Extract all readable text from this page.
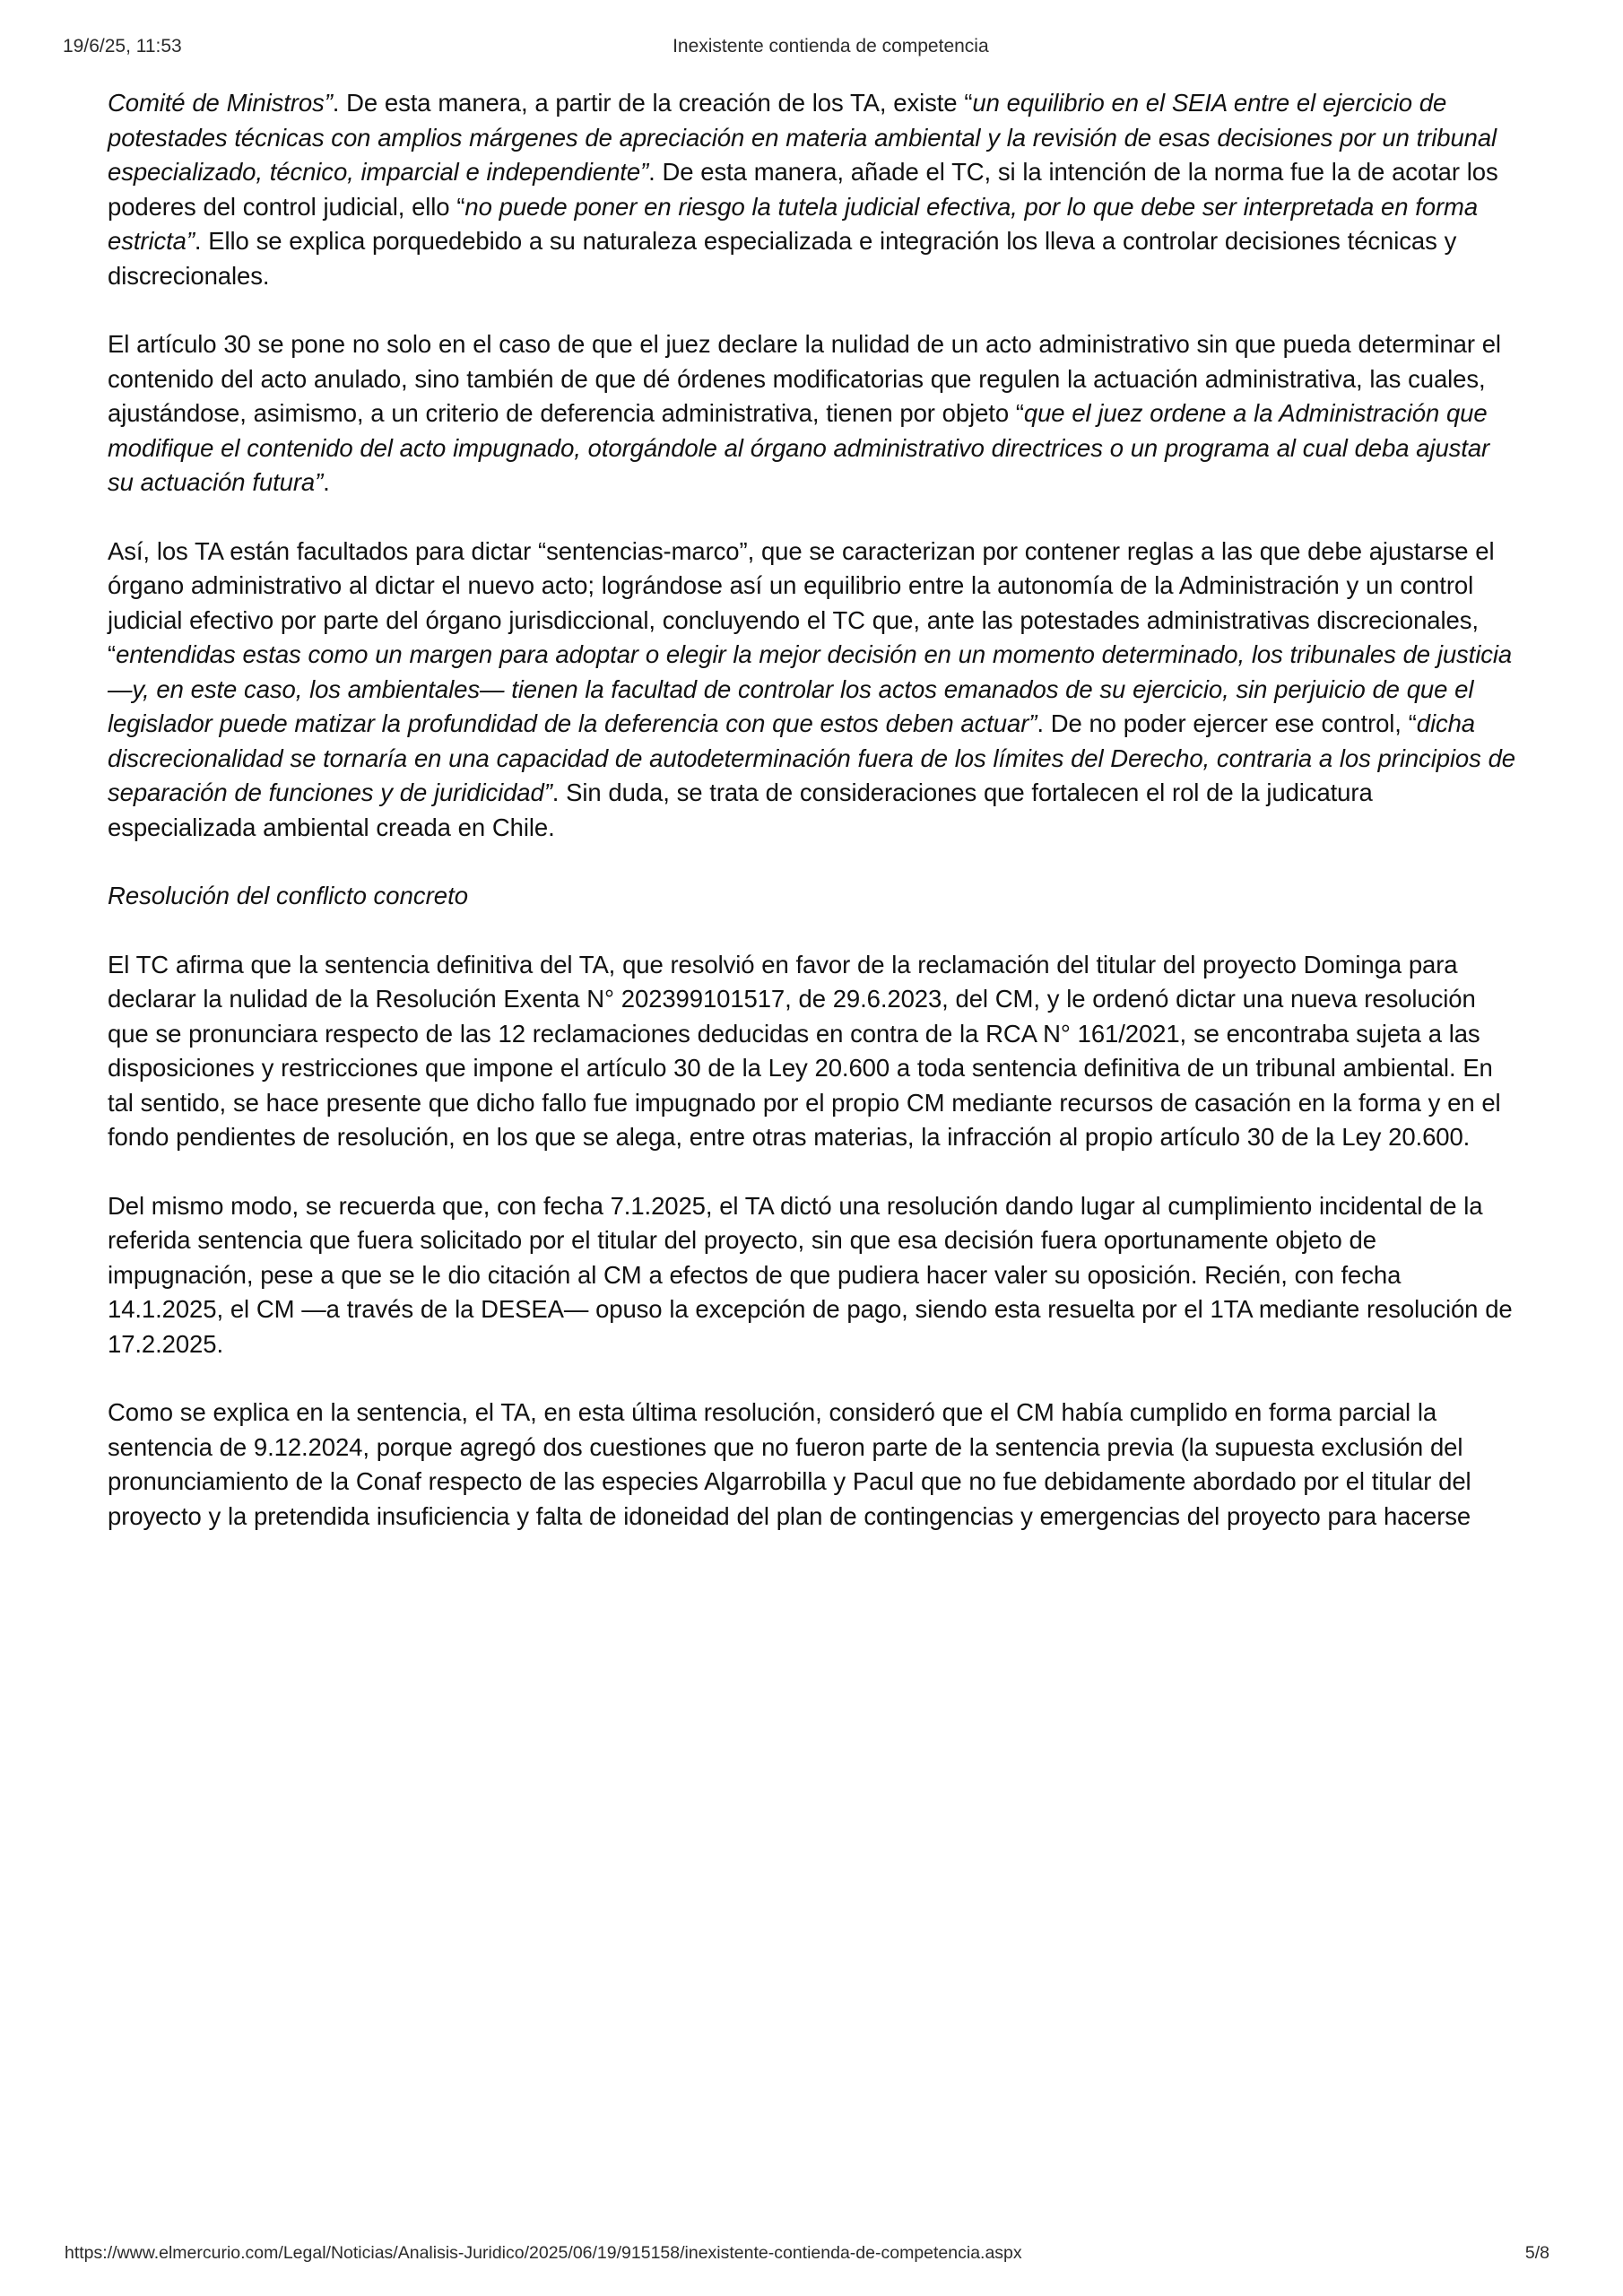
19/6/25, 11:53	Inexistente contienda de competencia

Comité de Ministros”. De esta manera, a partir de la creación de los TA, existe “un equilibrio en el SEIA entre el ejercicio de potestades técnicas con amplios márgenes de apreciación en materia ambiental y la revisión de esas decisiones por un tribunal especializado, técnico, imparcial e independiente”. De esta manera, añade el TC, si la intención de la norma fue la de acotar los poderes del control judicial, ello “no puede poner en riesgo la tutela judicial efectiva, por lo que debe ser interpretada en forma estricta”. Ello se explica porquedebido a su naturaleza especializada e integración los lleva a controlar decisiones técnicas y discrecionales.

El artículo 30 se pone no solo en el caso de que el juez declare la nulidad de un acto administrativo sin que pueda determinar el contenido del acto anulado, sino también de que dé órdenes modificatorias que regulen la actuación administrativa, las cuales, ajustándose, asimismo, a un criterio de deferencia administrativa, tienen por objeto “que el juez ordene a la Administración que modifique el contenido del acto impugnado, otorgándole al órgano administrativo directrices o un programa al cual deba ajustar su actuación futura”.

Así, los TA están facultados para dictar “sentencias-marco”, que se caracterizan por contener reglas a las que debe ajustarse el órgano administrativo al dictar el nuevo acto; lográndose así un equilibrio entre la autonomía de la Administración y un control judicial efectivo por parte del órgano jurisdiccional, concluyendo el TC que, ante las potestades administrativas discrecionales, “entendidas estas como un margen para adoptar o elegir la mejor decisión en un momento determinado, los tribunales de justicia —y, en este caso, los ambientales— tienen la facultad de controlar los actos emanados de su ejercicio, sin perjuicio de que el legislador puede matizar la profundidad de la deferencia con que estos deben actuar”. De no poder ejercer ese control, “dicha discrecionalidad se tornaría en una capacidad de autodeterminación fuera de los límites del Derecho, contraria a los principios de separación de funciones y de juridicidad”. Sin duda, se trata de consideraciones que fortalecen el rol de la judicatura especializada ambiental creada en Chile.

Resolución del conflicto concreto

El TC afirma que la sentencia definitiva del TA, que resolvió en favor de la reclamación del titular del proyecto Dominga para declarar la nulidad de la Resolución Exenta N° 202399101517, de 29.6.2023, del CM, y le ordenó dictar una nueva resolución que se pronunciara respecto de las 12 reclamaciones deducidas en contra de la RCA N° 161/2021, se encontraba sujeta a las disposiciones y restricciones que impone el artículo 30 de la Ley 20.600 a toda sentencia definitiva de un tribunal ambiental. En tal sentido, se hace presente que dicho fallo fue impugnado por el propio CM mediante recursos de casación en la forma y en el fondo pendientes de resolución, en los que se alega, entre otras materias, la infracción al propio artículo 30 de la Ley 20.600.

Del mismo modo, se recuerda que, con fecha 7.1.2025, el TA dictó una resolución dando lugar al cumplimiento incidental de la referida sentencia que fuera solicitado por el titular del proyecto, sin que esa decisión fuera oportunamente objeto de impugnación, pese a que se le dio citación al CM a efectos de que pudiera hacer valer su oposición. Recién, con fecha 14.1.2025, el CM —a través de la DESEA— opuso la excepción de pago, siendo esta resuelta por el 1TA mediante resolución de 17.2.2025.

Como se explica en la sentencia, el TA, en esta última resolución, consideró que el CM había cumplido en forma parcial la sentencia de 9.12.2024, porque agregó dos cuestiones que no fueron parte de la sentencia previa (la supuesta exclusión del pronunciamiento de la Conaf respecto de las especies Algarrobilla y Pacul que no fue debidamente abordado por el titular del proyecto y la pretendida insuficiencia y falta de idoneidad del plan de contingencias y emergencias del proyecto para hacerse

https://www.elmercurio.com/Legal/Noticias/Analisis-Juridico/2025/06/19/915158/inexistente-contienda-de-competencia.aspx	5/8
